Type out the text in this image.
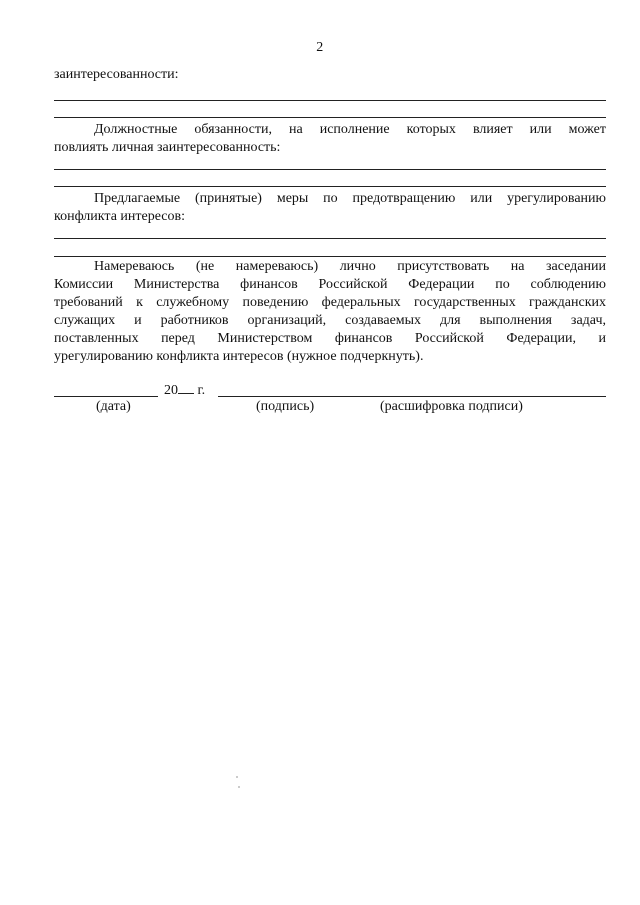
2
заинтересованности:
Должностные обязанности, на исполнение которых влияет или может
повлиять личная заинтересованность:
Предлагаемые (принятые) меры по предотвращению или урегулированию
конфликта интересов:
Намереваюсь (не намереваюсь) лично присутствовать на заседании
Комиссии Министерства финансов Российской Федерации по соблюдению
требований к служебному поведению федеральных государственных гражданских
служащих и работников организаций, создаваемых для выполнения задач,
поставленных перед Министерством финансов Российской Федерации, и
урегулированию конфликта интересов (нужное подчеркнуть).
20 г.
(дата)	(подпись)	(расшифровка подписи)
